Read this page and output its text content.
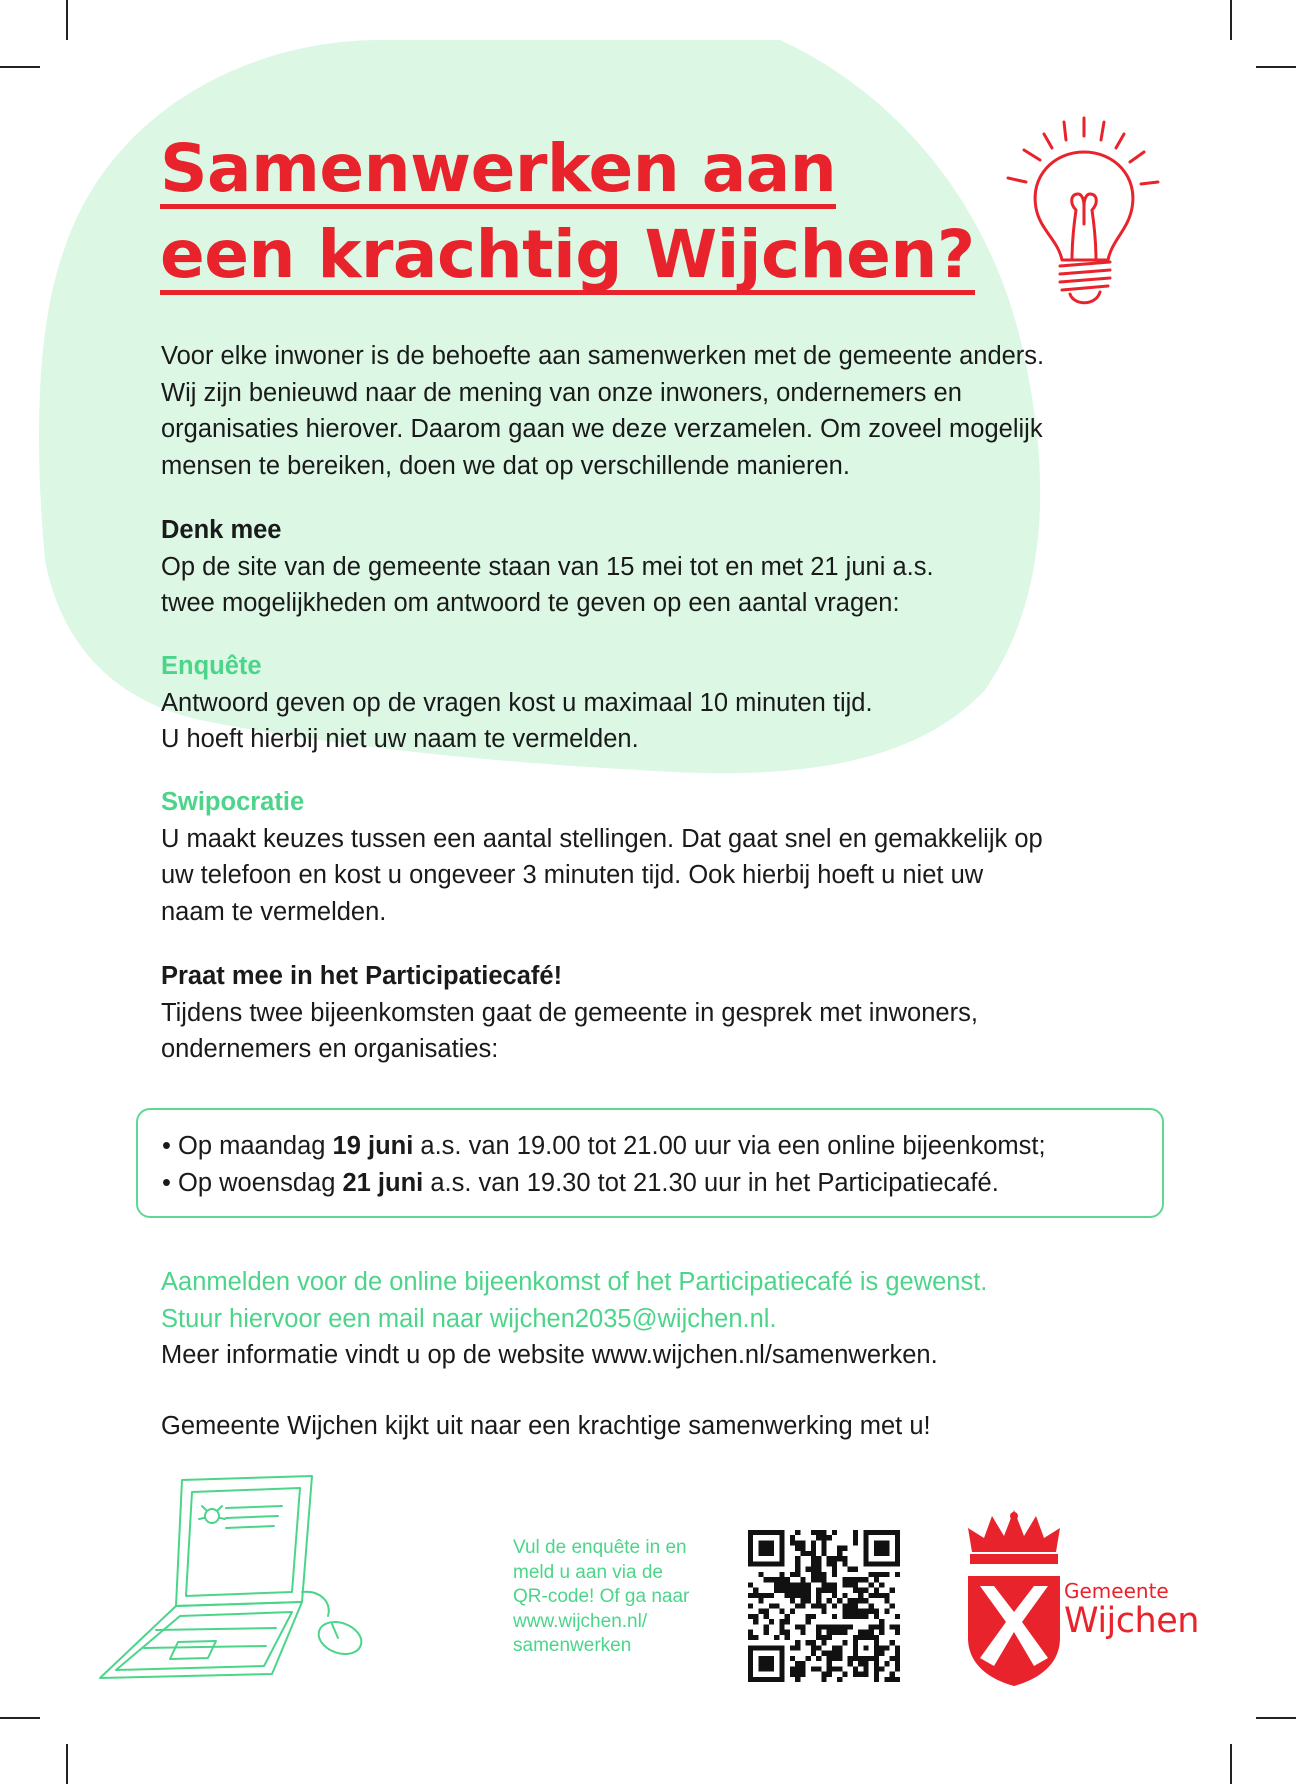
Samenwerken aan
een krachtig Wijchen?

Voor elke inwoner is de behoefte aan samenwerken met de gemeente anders.

Wij zijn benieuwd naar de mening van onze inwoners, ondernemers en

organisaties hierover. Daarom gaan we deze verzamelen. Om zoveel mogelijk

mensen te bereiken, doen we dat op verschillende manieren.

Denk mee

Op de site van de gemeente staan van 15 mei tot en met 21 juni a.s.

twee mogelijkheden om antwoord te geven op een aantal vragen:

Enquête

Antwoord geven op de vragen kost u maximaal 10 minuten tijd.

U hoeft hierbij niet uw naam te vermelden.

Swipocratie

U maakt keuzes tussen een aantal stellingen. Dat gaat snel en gemakkelijk op

uw telefoon en kost u ongeveer 3 minuten tijd. Ook hierbij hoeft u niet uw

naam te vermelden.

Praat mee in het Participatiecafé!

Tijdens twee bijeenkomsten gaat de gemeente in gesprek met inwoners,

ondernemers en organisaties:

• Op maandag 19 juni a.s. van 19.00 tot 21.00 uur via een online bijeenkomst;

• Op woensdag 21 juni a.s. van 19.30 tot 21.30 uur in het Participatiecafé.

Aanmelden voor de online bijeenkomst of het Participatiecafé is gewenst.

Stuur hiervoor een mail naar wijchen2035@wijchen.nl.

Meer informatie vindt u op de website www.wijchen.nl/samenwerken.

Gemeente Wijchen kijkt uit naar een krachtige samenwerking met u!

Vul de enquête in en

meld u aan via de

QR-code! Of ga naar

www.wijchen.nl/

samenwerken

Gemeente
Wijchen
